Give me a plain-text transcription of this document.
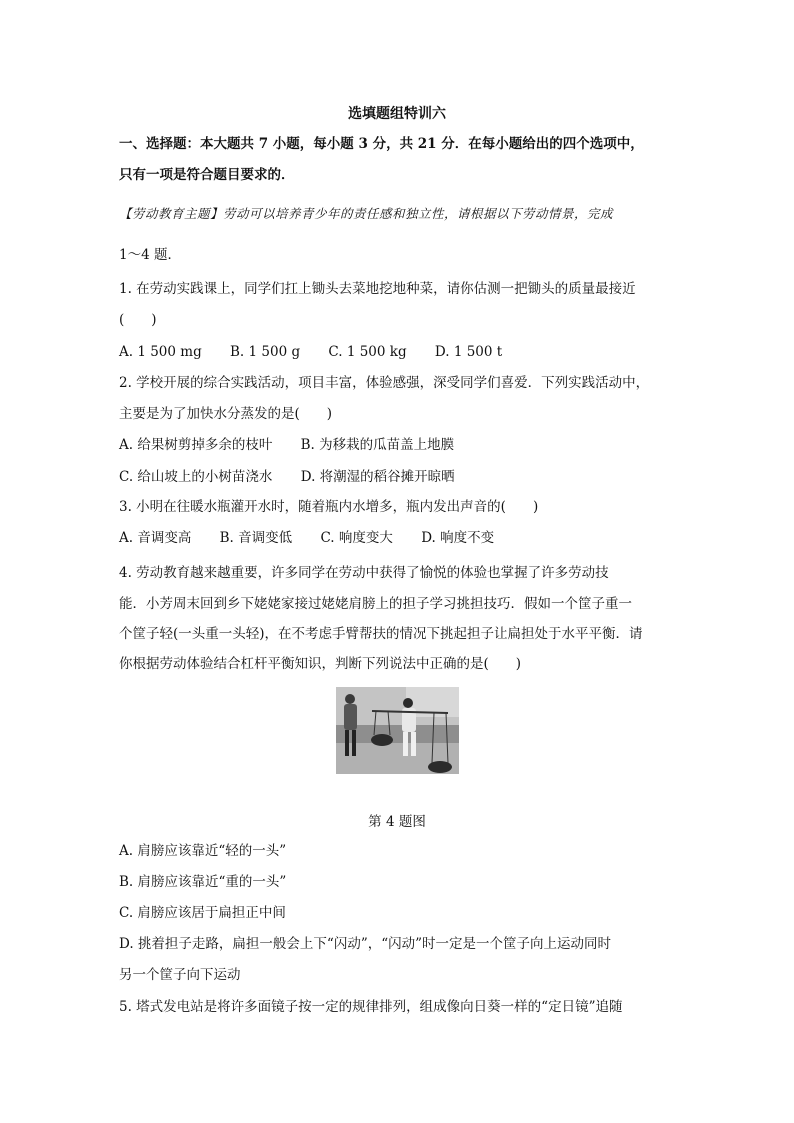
选填题组特训六
一、选择题：本大题共 7 小题，每小题 3 分，共 21 分．在每小题给出的四个选项中，
只有一项是符合题目要求的．
【劳动教育主题】劳动可以培养青少年的责任感和独立性，请根据以下劳动情景，完成
1～4 题．
1. 在劳动实践课上，同学们扛上锄头去菜地挖地种菜，请你估测一把锄头的质量最接近
(　　)
A. 1 500 mg B. 1 500 g C. 1 500 kg D. 1 500 t
2. 学校开展的综合实践活动，项目丰富，体验感强，深受同学们喜爱．下列实践活动中，
主要是为了加快水分蒸发的是(　　)
A. 给果树剪掉多余的枝叶 B. 为移栽的瓜苗盖上地膜
C. 给山坡上的小树苗浇水 D. 将潮湿的稻谷摊开晾晒
3. 小明在往暖水瓶灌开水时，随着瓶内水增多，瓶内发出声音的(　　)
A. 音调变高 B. 音调变低 C. 响度变大 D. 响度不变
4. 劳动教育越来越重要，许多同学在劳动中获得了愉悦的体验也掌握了许多劳动技
能．小芳周末回到乡下姥姥家接过姥姥肩膀上的担子学习挑担技巧．假如一个筐子重一
个筐子轻(一头重一头轻)，在不考虑手臂帮扶的情况下挑起担子让扁担处于水平平衡．请
你根据劳动体验结合杠杆平衡知识，判断下列说法中正确的是(　　)
第 4 题图
A. 肩膀应该靠近“轻的一头”
B. 肩膀应该靠近“重的一头”
C. 肩膀应该居于扁担正中间
D. 挑着担子走路，扁担一般会上下“闪动”，“闪动”时一定是一个筐子向上运动同时
另一个筐子向下运动
5. 塔式发电站是将许多面镜子按一定的规律排列，组成像向日葵一样的“定日镜”追随
